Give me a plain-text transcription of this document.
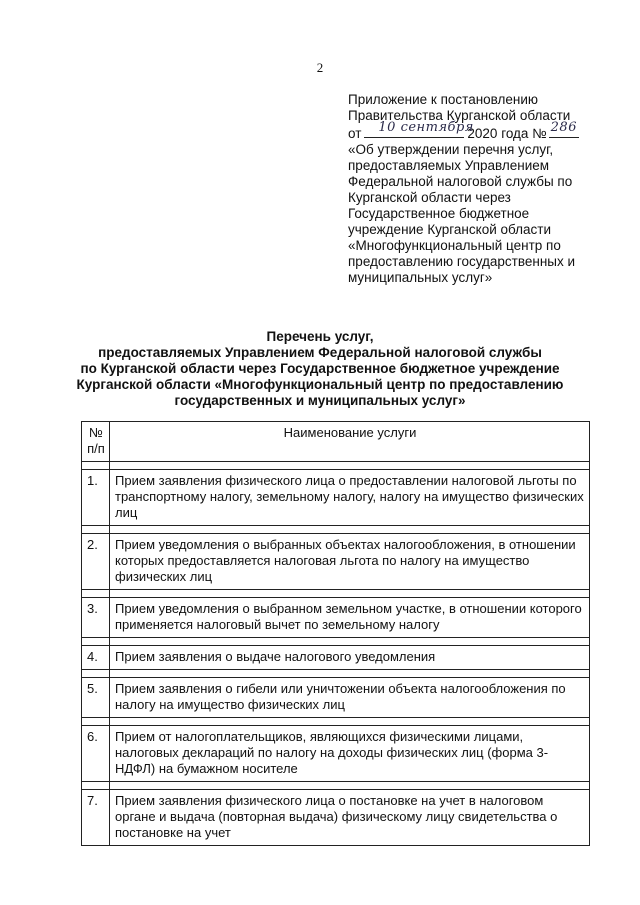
2
Приложение к постановлению
Правительства Курганской области
от 10 сентября
2020 года № 286
«Об утверждении перечня услуг,
предоставляемых Управлением
Федеральной налоговой службы по
Курганской области через
Государственное бюджетное
учреждение Курганской области
«Многофункциональный центр по
предоставлению государственных и
муниципальных услуг»
Перечень услуг,
предоставляемых Управлением Федеральной налоговой службы
по Курганской области через Государственное бюджетное учреждение
Курганской области «Многофункциональный центр по предоставлению
государственных и муниципальных услуг»
№ п/п	Наименование услуги

1.	Прием заявления физического лица о предоставлении налоговой льготы по транспортному налогу, земельному налогу, налогу на имущество физических лиц

2.	Прием уведомления о выбранных объектах налогообложения, в отношении которых предоставляется налоговая льгота по налогу на имущество физических лиц

3.	Прием уведомления о выбранном земельном участке, в отношении которого применяется налоговый вычет по земельному налогу

4.	Прием заявления о выдаче налогового уведомления

5.	Прием заявления о гибели или уничтожении объекта налогообложения по налогу на имущество физических лиц

6.	Прием от налогоплательщиков, являющихся физическими лицами, налоговых деклараций по налогу на доходы физических лиц (форма 3-НДФЛ) на бумажном носителе

7.	Прием заявления физического лица о постановке на учет в налоговом органе и выдача (повторная выдача) физическому лицу свидетельства о постановке на учет
